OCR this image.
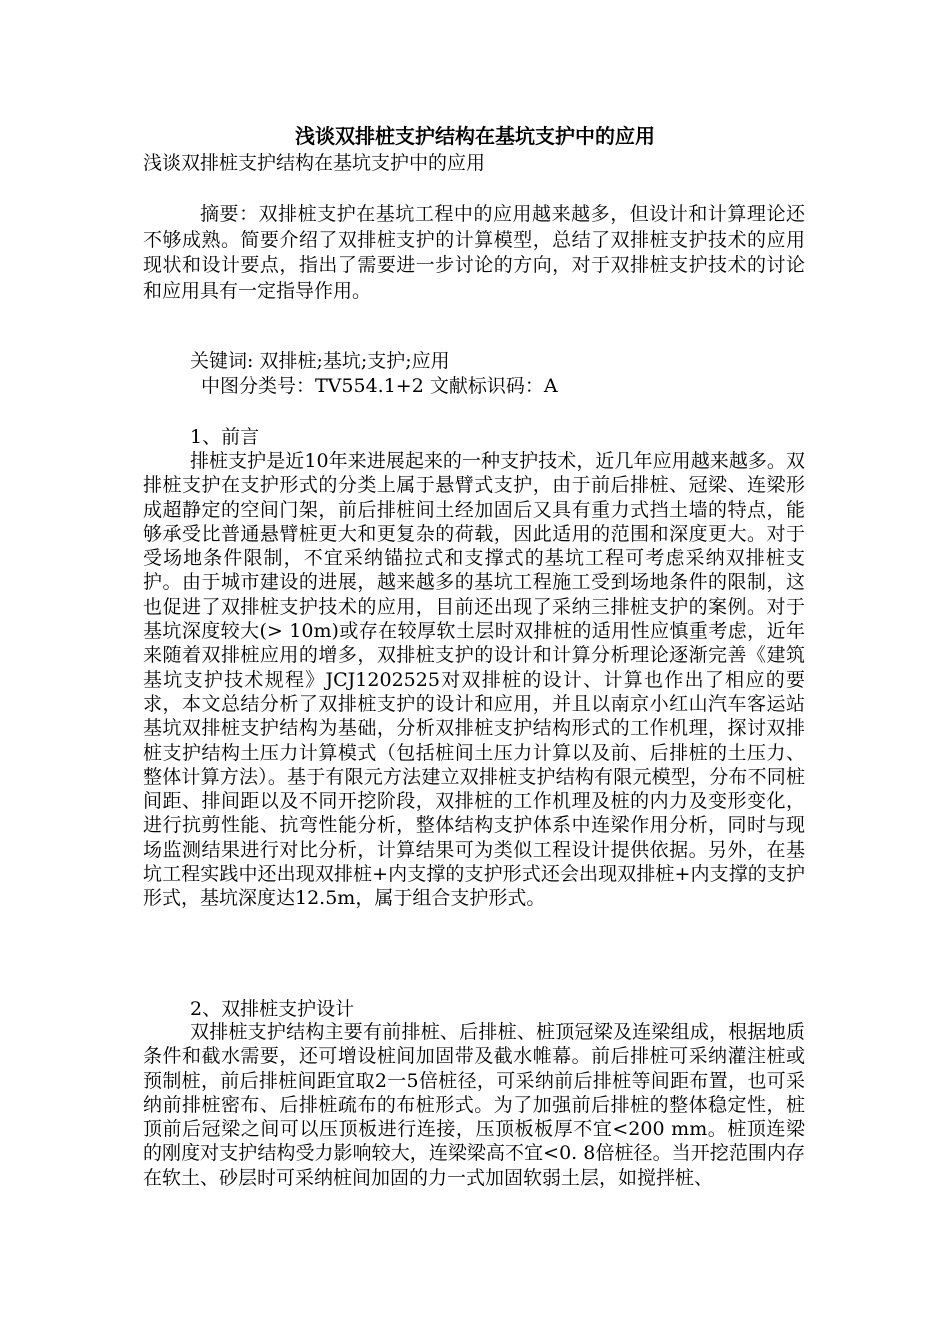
浅谈双排桩支护结构在基坑支护中的应用
浅谈双排桩支护结构在基坑支护中的应用
摘要：双排桩支护在基坑工程中的应用越来越多，但设计和计算理论还不够成熟。简要介绍了双排桩支护的计算模型，总结了双排桩支护技术的应用现状和设计要点，指出了需要进一步讨论的方向，对于双排桩支护技术的讨论和应用具有一定指导作用。
关键词: 双排桩;基坑;支护;应用
中图分类号：TV554.1+2 文献标识码：A
1、前言
排桩支护是近10年来进展起来的一种支护技术，近几年应用越来越多。双排桩支护在支护形式的分类上属于悬臂式支护，由于前后排桩、冠梁、连梁形成超静定的空间门架，前后排桩间土经加固后又具有重力式挡土墙的特点，能够承受比普通悬臂桩更大和更复杂的荷载，因此适用的范围和深度更大。对于受场地条件限制，不宜采纳锚拉式和支撑式的基坑工程可考虑采纳双排桩支护。由于城市建设的进展，越来越多的基坑工程施工受到场地条件的限制，这也促进了双排桩支护技术的应用，目前还出现了采纳三排桩支护的案例。对于基坑深度较大(> 10m)或存在较厚软土层时双排桩的适用性应慎重考虑，近年来随着双排桩应用的增多，双排桩支护的设计和计算分析理论逐渐完善《建筑基坑支护技术规程》JCJ1202525对双排桩的设计、计算也作出了相应的要求，本文总结分析了双排桩支护的设计和应用，并且以南京小红山汽车客运站基坑双排桩支护结构为基础，分析双排桩支护结构形式的工作机理，探讨双排桩支护结构土压力计算模式（包括桩间土压力计算以及前、后排桩的土压力、整体计算方法）。基于有限元方法建立双排桩支护结构有限元模型，分布不同桩间距、排间距以及不同开挖阶段，双排桩的工作机理及桩的内力及变形变化，进行抗剪性能、抗弯性能分析，整体结构支护体系中连梁作用分析，同时与现场监测结果进行对比分析，计算结果可为类似工程设计提供依据。另外，在基坑工程实践中还出现双排桩+内支撑的支护形式还会出现双排桩+内支撑的支护形式，基坑深度达12.5m，属于组合支护形式。
2、双排桩支护设计
双排桩支护结构主要有前排桩、后排桩、桩顶冠梁及连梁组成，根据地质条件和截水需要，还可增设桩间加固带及截水帷幕。前后排桩可采纳灌注桩或预制桩，前后排桩间距宜取2一5倍桩径，可采纳前后排桩等间距布置，也可采纳前排桩密布、后排桩疏布的布桩形式。为了加强前后排桩的整体稳定性，桩顶前后冠梁之间可以压顶板进行连接，压顶板板厚不宜<200 mm。桩顶连梁的刚度对支护结构受力影响较大，连梁梁高不宜<0. 8倍桩径。当开挖范围内存在软土、砂层时可采纳桩间加固的力一式加固软弱土层，如搅拌桩、
